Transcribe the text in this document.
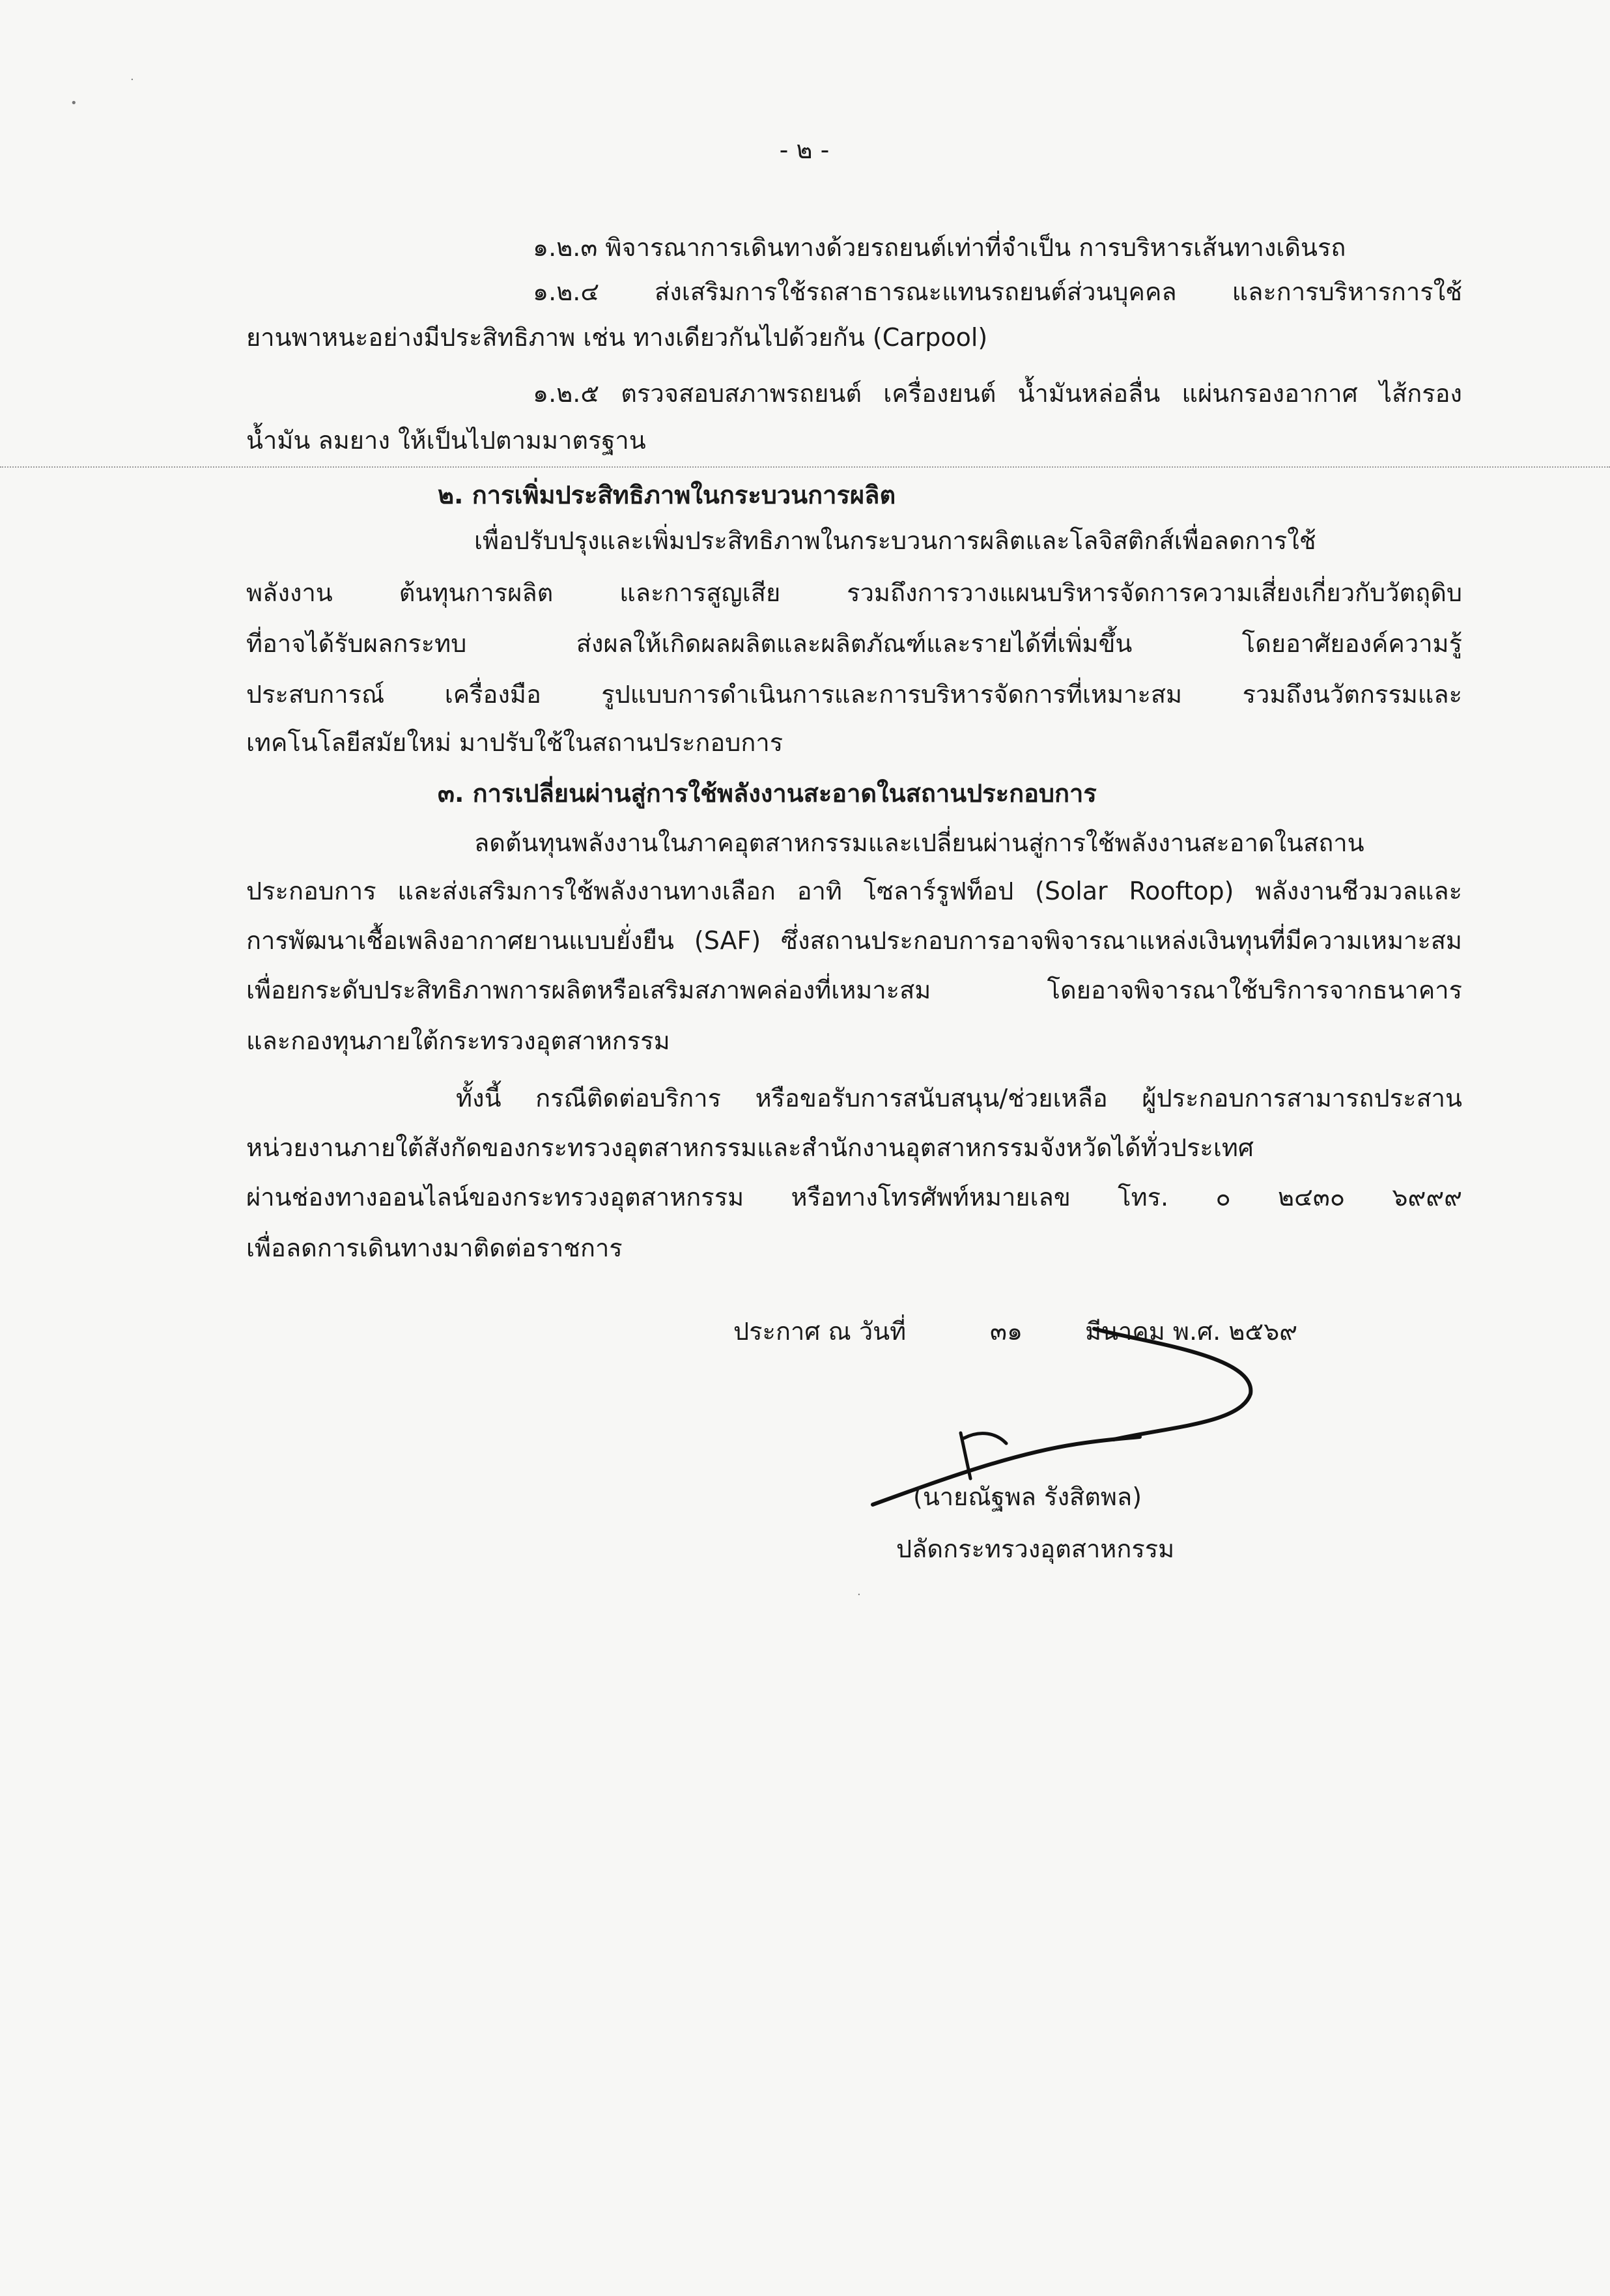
•
·
·
- ๒ -
๑.๒.๓ พิจารณาการเดินทางด้วยรถยนต์เท่าที่จำเป็น การบริหารเส้นทางเดินรถ
๑.๒.๔ ส่งเสริมการใช้รถสาธารณะแทนรถยนต์ส่วนบุคคล และการบริหารการใช้
ยานพาหนะอย่างมีประสิทธิภาพ เช่น ทางเดียวกันไปด้วยกัน (Carpool)
๑.๒.๕ ตรวจสอบสภาพรถยนต์ เครื่องยนต์ น้ำมันหล่อลื่น แผ่นกรองอากาศ ไส้กรอง
น้ำมัน ลมยาง ให้เป็นไปตามมาตรฐาน
๒. การเพิ่มประสิทธิภาพในกระบวนการผลิต
เพื่อปรับปรุงและเพิ่มประสิทธิภาพในกระบวนการผลิตและโลจิสติกส์เพื่อลดการใช้
พลังงาน ต้นทุนการผลิต และการสูญเสีย รวมถึงการวางแผนบริหารจัดการความเสี่ยงเกี่ยวกับวัตถุดิบ
ที่อาจได้รับผลกระทบ ส่งผลให้เกิดผลผลิตและผลิตภัณฑ์และรายได้ที่เพิ่มขึ้น โดยอาศัยองค์ความรู้
ประสบการณ์ เครื่องมือ รูปแบบการดำเนินการและการบริหารจัดการที่เหมาะสม รวมถึงนวัตกรรมและ
เทคโนโลยีสมัยใหม่ มาปรับใช้ในสถานประกอบการ
๓. การเปลี่ยนผ่านสู่การใช้พลังงานสะอาดในสถานประกอบการ
ลดต้นทุนพลังงานในภาคอุตสาหกรรมและเปลี่ยนผ่านสู่การใช้พลังงานสะอาดในสถาน
ประกอบการ และส่งเสริมการใช้พลังงานทางเลือก อาทิ โซลาร์รูฟท็อป (Solar Rooftop) พลังงานชีวมวลและ
การพัฒนาเชื้อเพลิงอากาศยานแบบยั่งยืน (SAF) ซึ่งสถานประกอบการอาจพิจารณาแหล่งเงินทุนที่มีความเหมาะสม
เพื่อยกระดับประสิทธิภาพการผลิตหรือเสริมสภาพคล่องที่เหมาะสม โดยอาจพิจารณาใช้บริการจากธนาคาร
และกองทุนภายใต้กระทรวงอุตสาหกรรม
ทั้งนี้ กรณีติดต่อบริการ หรือขอรับการสนับสนุน/ช่วยเหลือ ผู้ประกอบการสามารถประสาน
หน่วยงานภายใต้สังกัดของกระทรวงอุตสาหกรรมและสำนักงานอุตสาหกรรมจังหวัดได้ทั่วประเทศ
ผ่านช่องทางออนไลน์ของกระทรวงอุตสาหกรรม หรือทางโทรศัพท์หมายเลข โทร. ๐ ๒๔๓๐ ๖๙๙๙
เพื่อลดการเดินทางมาติดต่อราชการ
ประกาศ ณ วันที่	๓๑	มีนาคม พ.ศ. ๒๕๖๙
(นายณัฐพล รังสิตพล)
ปลัดกระทรวงอุตสาหกรรม
